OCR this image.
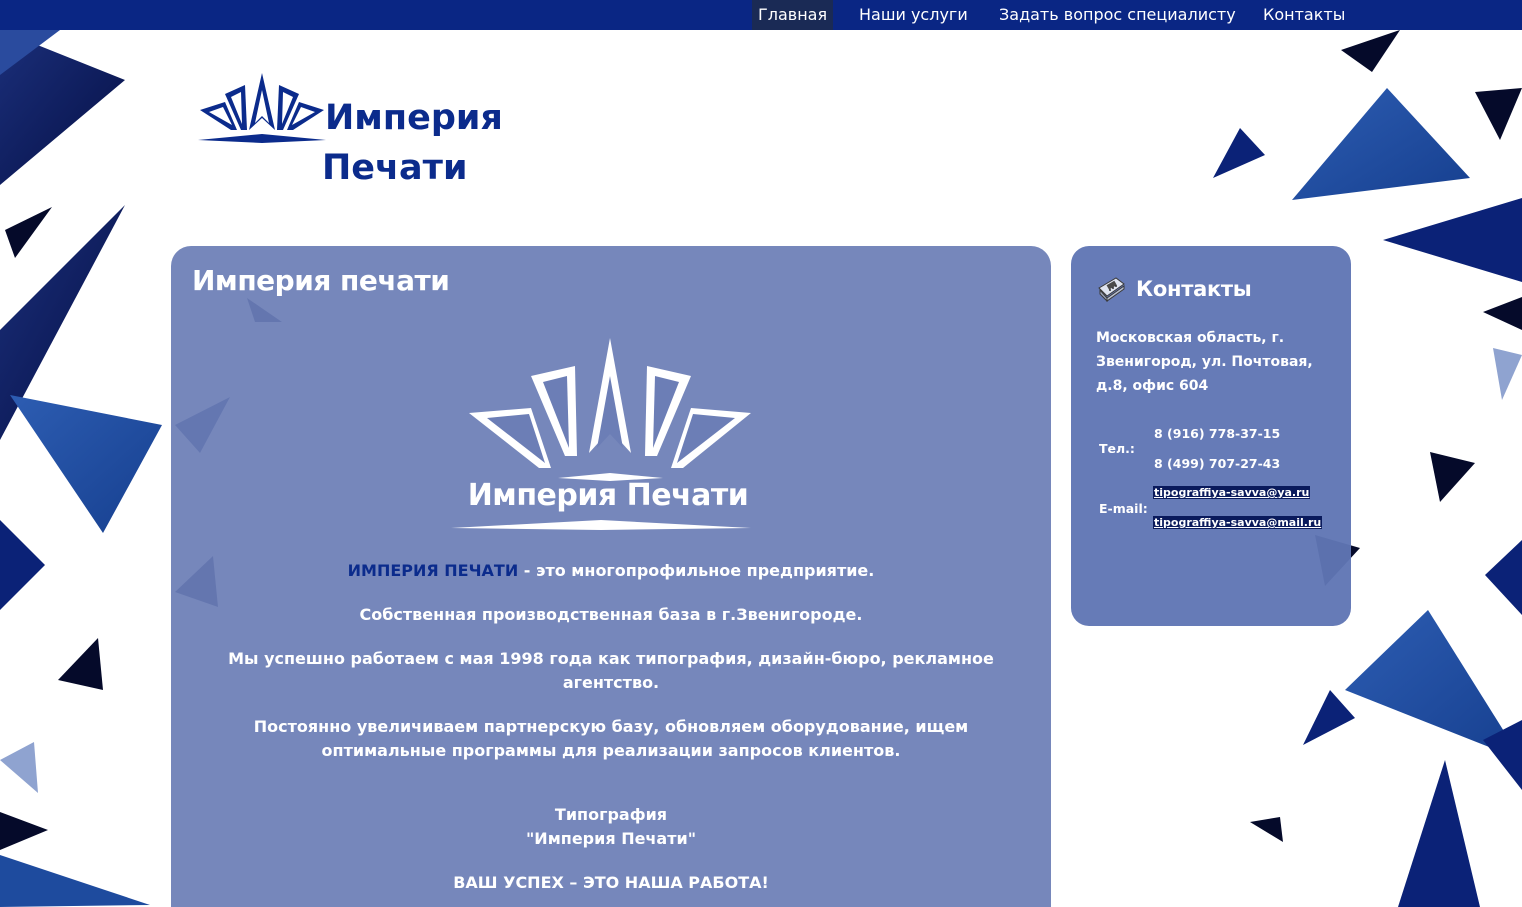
Главная	Наши услуги	Задать вопрос специалисту	Контакты
Империя
Печати
Империя печати
Империя Печати

ИМПЕРИЯ ПЕЧАТИ - это многопрофильное предприятие.

Собственная производственная база в г.Звенигороде.

Мы успешно работаем с мая 1998 года как типография, дизайн-бюро, рекламное агентство.

Постоянно увеличиваем партнерскую базу, обновляем оборудование, ищем оптимальные программы для реализации запросов клиентов.

Типография
"Империя Печати"

ВАШ УСПЕХ – ЭТО НАША РАБОТА!

Контакты
Московская область, г. Звенигород, ул. Почтовая, д.8, офис 604
Тел.:
8 (916) 778-37-15
8 (499) 707-27-43
E-mail:
tipograffiya-savva@ya.ru
tipograffiya-savva@mail.ru
